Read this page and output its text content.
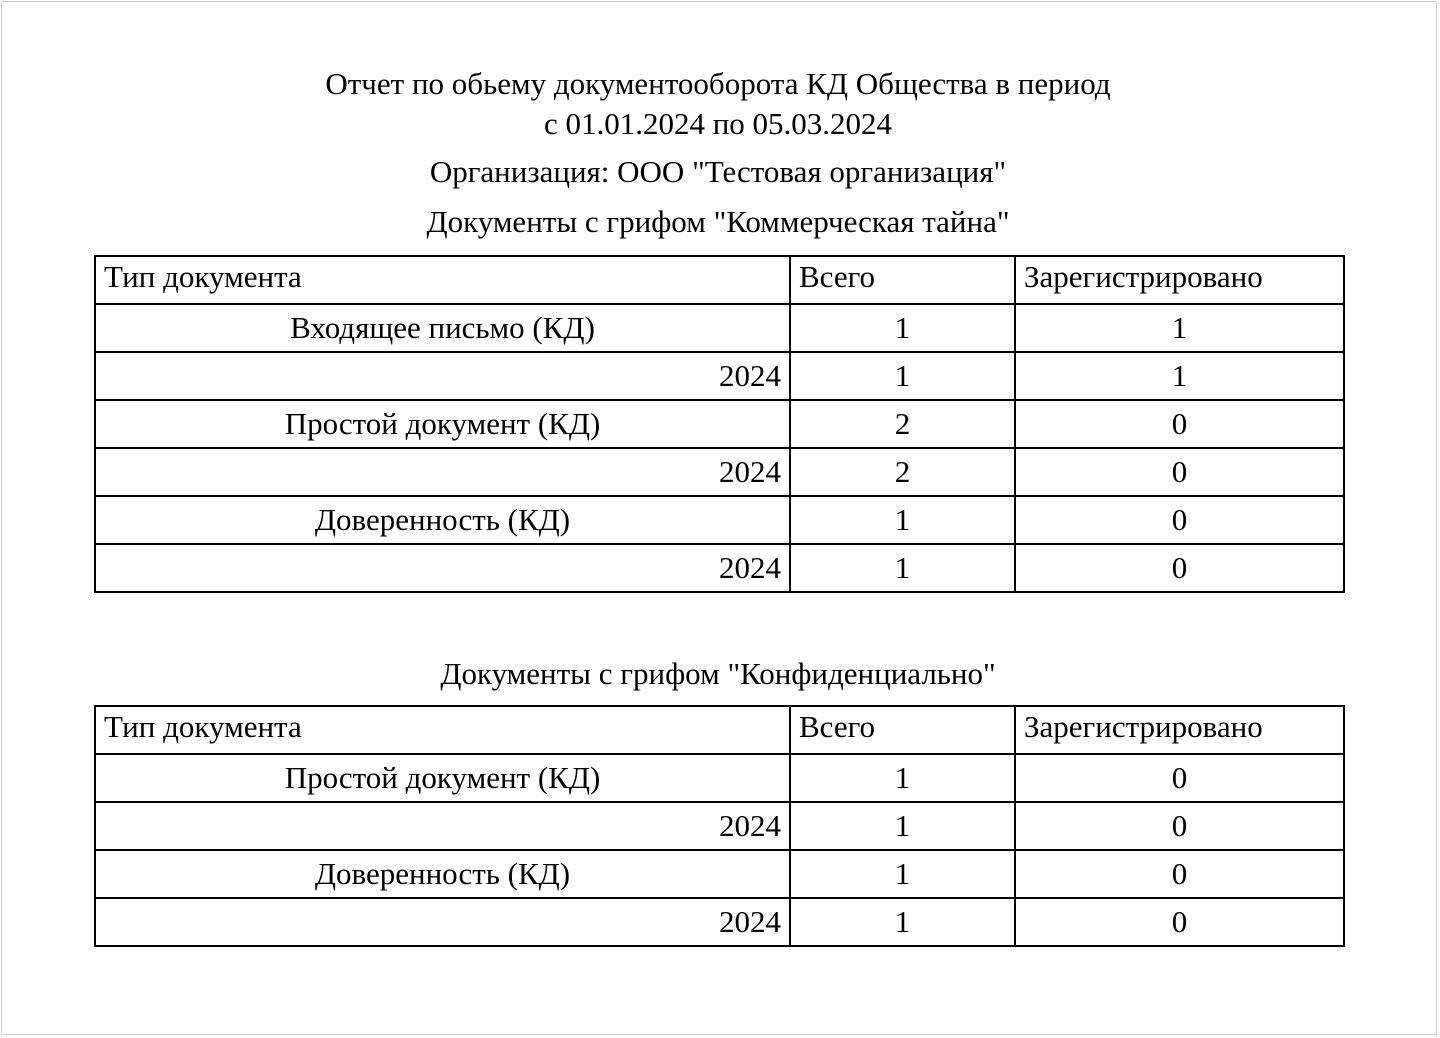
Отчет по обьему документооборота КД Общества в период
с 01.01.2024 по 05.03.2024
Организация: ООО "Тестовая организация"
Документы с грифом "Коммерческая тайна"
Тип документа	Всего	Зарегистрировано
Входящее письмо (КД)	1	1
2024	1	1
Простой документ (КД)	2	0
2024	2	0
Доверенность (КД)	1	0
2024	1	0
Документы с грифом "Конфиденциально"
Тип документа	Всего	Зарегистрировано
Простой документ (КД)	1	0
2024	1	0
Доверенность (КД)	1	0
2024	1	0
